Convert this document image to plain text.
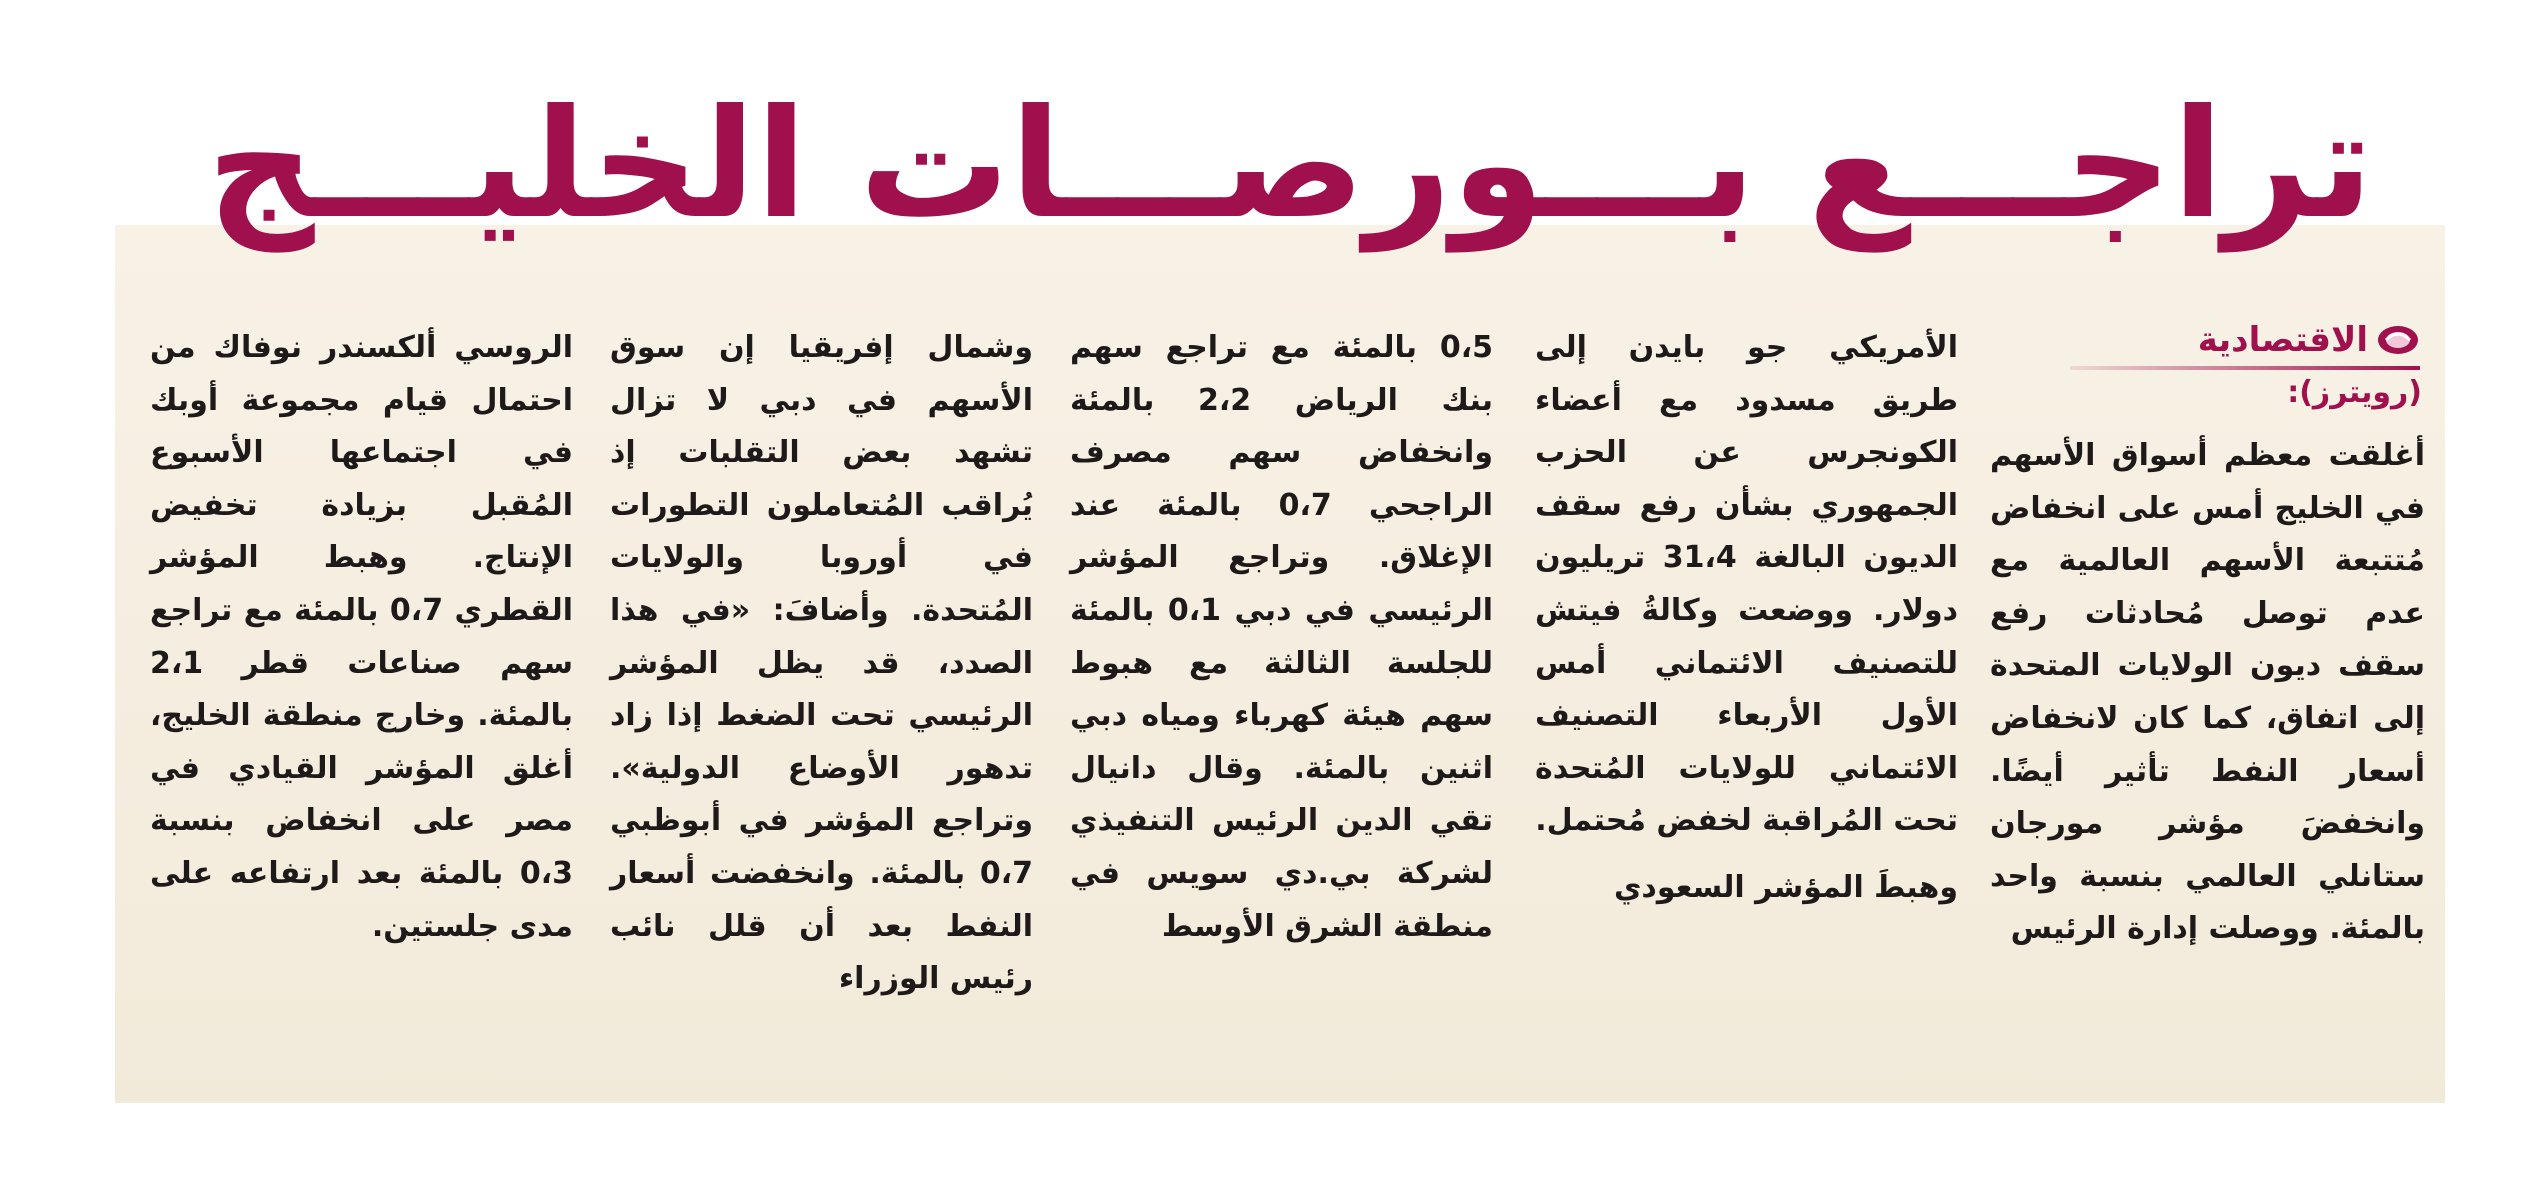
تراجـــع بـــورصـــات الخليـــج
الاقتصادية
(رويترز):

أغلقت معظم أسواق الأسهم في الخليج أمس على انخفاض مُتتبعة الأسهم العالمية مع عدم توصل مُحادثات رفع سقف ديون الولايات المتحدة إلى اتفاق، كما كان لانخفاض أسعار النفط تأثير أيضًا. وانخفضَ مؤشر مورجان ستانلي العالمي بنسبة واحد بالمئة. ووصلت إدارة الرئيس

الأمريكي جو بايدن إلى طريق مسدود مع أعضاء الكونجرس عن الحزب الجمهوري بشأن رفع سقف الديون البالغة 31،4 تريليون دولار. ووضعت وكالةُ فيتش للتصنيف الائتماني أمس الأول الأربعاء التصنيف الائتماني للولايات المُتحدة تحت المُراقبة لخفض مُحتمل.

وهبطَ المؤشر السعودي

0،5 بالمئة مع تراجع سهم بنك الرياض 2،2 بالمئة وانخفاض سهم مصرف الراجحي 0،7 بالمئة عند الإغلاق. وتراجع المؤشر الرئيسي في دبي 0،1 بالمئة للجلسة الثالثة مع هبوط سهم هيئة كهرباء ومياه دبي اثنين بالمئة. وقال دانيال تقي الدين الرئيس التنفيذي لشركة بي.دي سويس في منطقة الشرق الأوسط

وشمال إفريقيا إن سوق الأسهم في دبي لا تزال تشهد بعض التقلبات إذ يُراقب المُتعاملون التطورات في أوروبا والولايات المُتحدة. وأضافَ: «في هذا الصدد، قد يظل المؤشر الرئيسي تحت الضغط إذا زاد تدهور الأوضاع الدولية». وتراجع المؤشر في أبوظبي 0،7 بالمئة. وانخفضت أسعار النفط بعد أن قلل نائب رئيس الوزراء

الروسي ألكسندر نوفاك من احتمال قيام مجموعة أوبك في اجتماعها الأسبوع المُقبل بزيادة تخفيض الإنتاج. وهبط المؤشر القطري 0،7 بالمئة مع تراجع سهم صناعات قطر 2،1 بالمئة. وخارج منطقة الخليج، أغلق المؤشر القيادي في مصر على انخفاض بنسبة 0،3 بالمئة بعد ارتفاعه على مدى جلستين.
